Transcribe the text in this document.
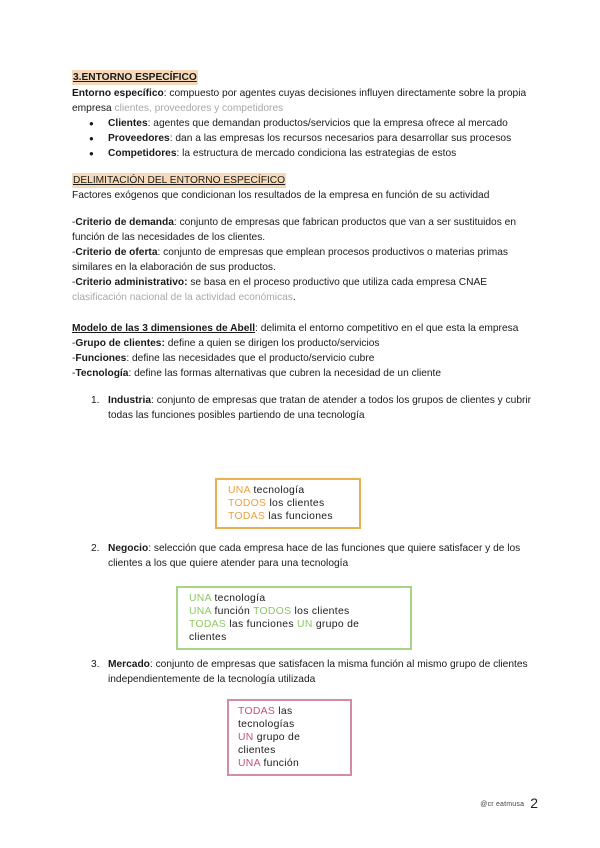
3.ENTORNO ESPECÍFICO
Entorno específico: compuesto por agentes cuyas decisiones influyen directamente sobre la propia empresa clientes, proveedores y competidores
● Clientes: agentes que demandan productos/servicios que la empresa ofrece al mercado
● Proveedores: dan a las empresas los recursos necesarios para desarrollar sus procesos
● Competidores: la estructura de mercado condiciona las estrategias de estos
DELIMITACIÓN DEL ENTORNO ESPECÍFICO
Factores exógenos que condicionan los resultados de la empresa en función de su actividad
-Criterio de demanda: conjunto de empresas que fabrican productos que van a ser sustituidos en función de las necesidades de los clientes.
-Criterio de oferta: conjunto de empresas que emplean procesos productivos o materias primas similares en la elaboración de sus productos.
-Criterio administrativo: se basa en el proceso productivo que utiliza cada empresa CNAE clasificación nacional de la actividad económicas.
Modelo de las 3 dimensiones de Abell: delimita el entorno competitivo en el que esta la empresa
-Grupo de clientes: define a quien se dirigen los producto/servicios
-Funciones: define las necesidades que el producto/servicio cubre
-Tecnología: define las formas alternativas que cubren la necesidad de un cliente
1. Industria: conjunto de empresas que tratan de atender a todos los grupos de clientes y cubrir todas las funciones posibles partiendo de una tecnología
2. Negocio: selección que cada empresa hace de las funciones que quiere satisfacer y de los clientes a los que quiere atender para una tecnología
3. Mercado: conjunto de empresas que satisfacen la misma función al mismo grupo de clientes independientemente de la tecnología utilizada
UNA tecnología
TODOS los clientes
TODAS las funciones
UNA tecnología
UNA función TODOS los clientes
TODAS las funciones UN grupo de clientes
TODAS las tecnologías
UN grupo de clientes
UNA función
@cr eatmusa 2
